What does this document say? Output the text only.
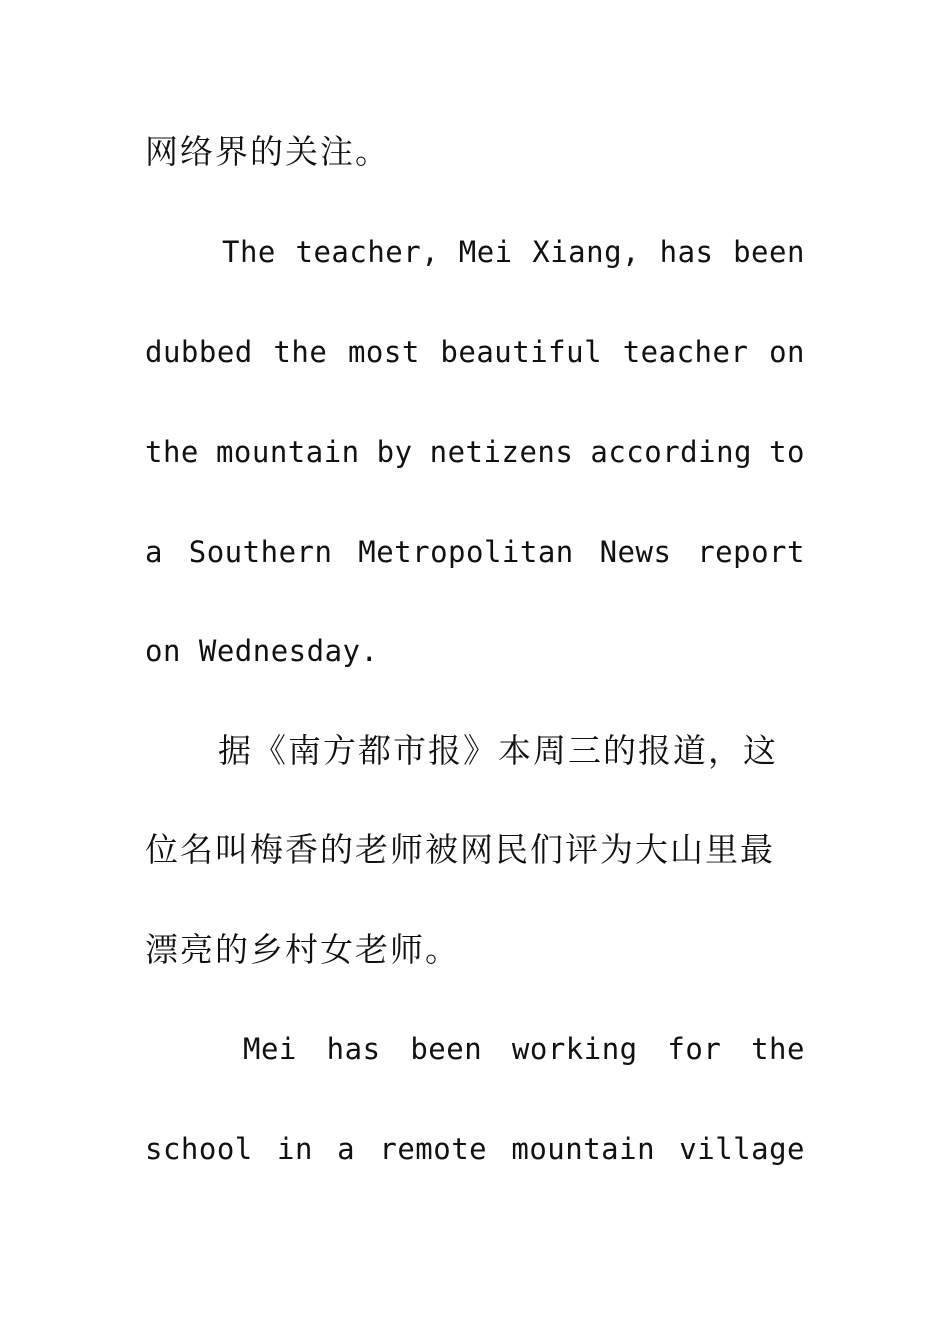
网络界的关注。
The teacher, Mei Xiang, has been
dubbed the most beautiful teacher on
the mountain by netizens according to
a Southern Metropolitan News report
on Wednesday.
据《南方都市报》本周三的报道，这
位名叫梅香的老师被网民们评为大山里最
漂亮的乡村女老师。
Mei has been working for the
school in a remote mountain village
